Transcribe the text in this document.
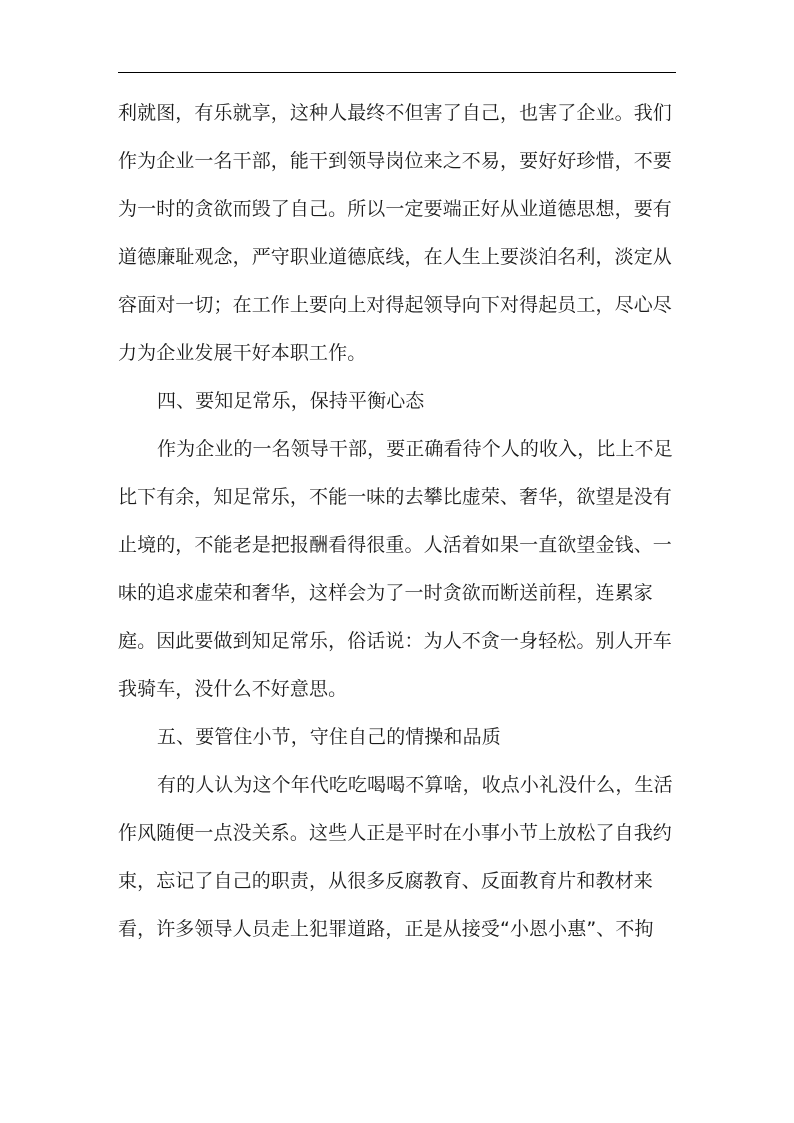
利就图，有乐就享，这种人最终不但害了自己，也害了企业。我们
作为企业一名干部，能干到领导岗位来之不易，要好好珍惜，不要
为一时的贪欲而毁了自己。所以一定要端正好从业道德思想，要有
道德廉耻观念，严守职业道德底线，在人生上要淡泊名利，淡定从
容面对一切；在工作上要向上对得起领导向下对得起员工，尽心尽
力为企业发展干好本职工作。
四、要知足常乐，保持平衡心态
作为企业的一名领导干部，要正确看待个人的收入，比上不足
比下有余，知足常乐，不能一味的去攀比虚荣、奢华，欲望是没有
止境的，不能老是把报酬看得很重。人活着如果一直欲望金钱、一
味的追求虚荣和奢华，这样会为了一时贪欲而断送前程，连累家
庭。因此要做到知足常乐，俗话说：为人不贪一身轻松。别人开车
我骑车，没什么不好意思。
五、要管住小节，守住自己的情操和品质
有的人认为这个年代吃吃喝喝不算啥，收点小礼没什么，生活
作风随便一点没关系。这些人正是平时在小事小节上放松了自我约
束，忘记了自己的职责，从很多反腐教育、反面教育片和教材来
看，许多领导人员走上犯罪道路，正是从接受“小恩小惠”、不拘
